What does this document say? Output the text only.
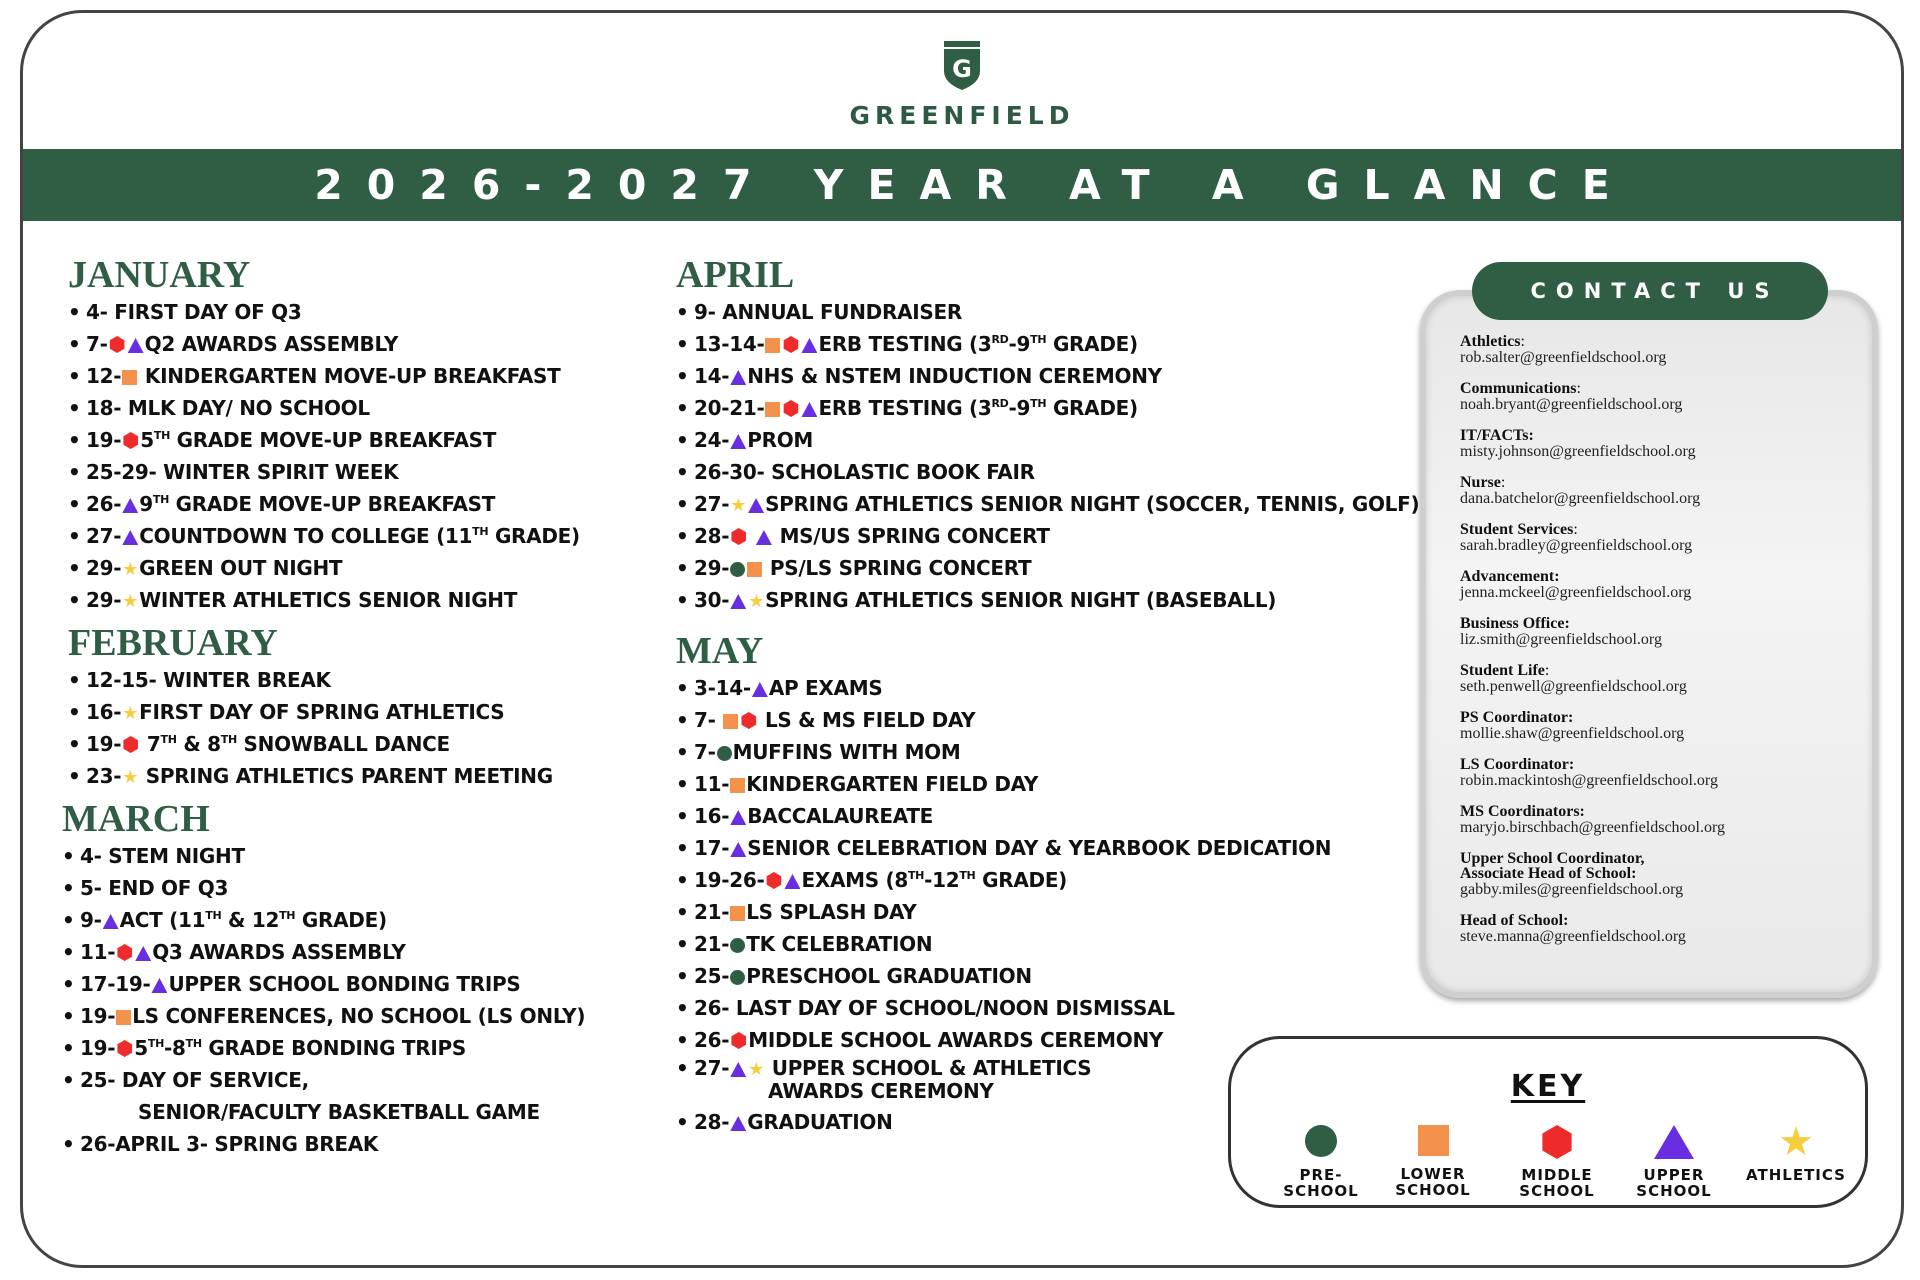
G
GREENFIELD
2026-2027 YEAR AT A GLANCE
JANUARY
• 4- FIRST DAY OF Q3
• 7- Q2 AWARDS ASSEMBLY
• 12- KINDERGARTEN MOVE-UP BREAKFAST
• 18- MLK DAY/ NO SCHOOL
• 19- 5TH GRADE MOVE-UP BREAKFAST
• 25-29- WINTER SPIRIT WEEK
• 26- 9TH GRADE MOVE-UP BREAKFAST
• 27- COUNTDOWN TO COLLEGE (11TH GRADE)
• 29-★GREEN OUT NIGHT
• 29-★WINTER ATHLETICS SENIOR NIGHT
FEBRUARY
• 12-15- WINTER BREAK
• 16-★FIRST DAY OF SPRING ATHLETICS
• 19- 7TH & 8TH SNOWBALL DANCE
• 23-★ SPRING ATHLETICS PARENT MEETING
MARCH
• 4- STEM NIGHT
• 5- END OF Q3
• 9- ACT (11TH & 12TH GRADE)
• 11- Q3 AWARDS ASSEMBLY
• 17-19- UPPER SCHOOL BONDING TRIPS
• 19- LS CONFERENCES, NO SCHOOL (LS ONLY)
• 19- 5TH-8TH GRADE BONDING TRIPS
• 25- DAY OF SERVICE,
SENIOR/FACULTY BASKETBALL GAME
• 26-APRIL 3- SPRING BREAK
APRIL
• 9- ANNUAL FUNDRAISER
• 13-14-	ERB TESTING (3RD-9TH GRADE)
• 14- NHS & NSTEM INDUCTION CEREMONY
• 20-21-	ERB TESTING (3RD-9TH GRADE)
• 24- PROM
• 26-30- SCHOLASTIC BOOK FAIR
• 27-★ SPRING ATHLETICS SENIOR NIGHT (SOCCER, TENNIS, GOLF)
• 28-	MS/US SPRING CONCERT
• 29- PS/LS SPRING CONCERT
• 30- ★SPRING ATHLETICS SENIOR NIGHT (BASEBALL)
MAY
• 3-14- AP EXAMS
• 7-  LS & MS FIELD DAY
• 7- MUFFINS WITH MOM
• 11- KINDERGARTEN FIELD DAY
• 16- BACCALAUREATE
• 17- SENIOR CELEBRATION DAY & YEARBOOK DEDICATION
• 19-26- EXAMS (8TH-12TH GRADE)
• 21- LS SPLASH DAY
• 21- TK CELEBRATION
• 25- PRESCHOOL GRADUATION
• 26- LAST DAY OF SCHOOL/NOON DISMISSAL
• 26- MIDDLE SCHOOL AWARDS CEREMONY
• 27- ★ UPPER SCHOOL & ATHLETICS
AWARDS CEREMONY
• 28- GRADUATION
CONTACT US
Athletics:
rob.salter@greenfieldschool.org
Communications:
noah.bryant@greenfieldschool.org
IT/FACTs:
misty.johnson@greenfieldschool.org
Nurse:
dana.batchelor@greenfieldschool.org
Student Services:
sarah.bradley@greenfieldschool.org
Advancement:
jenna.mckeel@greenfieldschool.org
Business Office:
liz.smith@greenfieldschool.org
Student Life:
seth.penwell@greenfieldschool.org
PS Coordinator:
mollie.shaw@greenfieldschool.org
LS Coordinator:
robin.mackintosh@greenfieldschool.org
MS Coordinators:
maryjo.birschbach@greenfieldschool.org
Upper School Coordinator,
Associate Head of School:
gabby.miles@greenfieldschool.org
Head of School:
steve.manna@greenfieldschool.org
KEY
PRE-
SCHOOL
LOWER
SCHOOL
MIDDLE
SCHOOL
UPPER
SCHOOL
★
ATHLETICS
